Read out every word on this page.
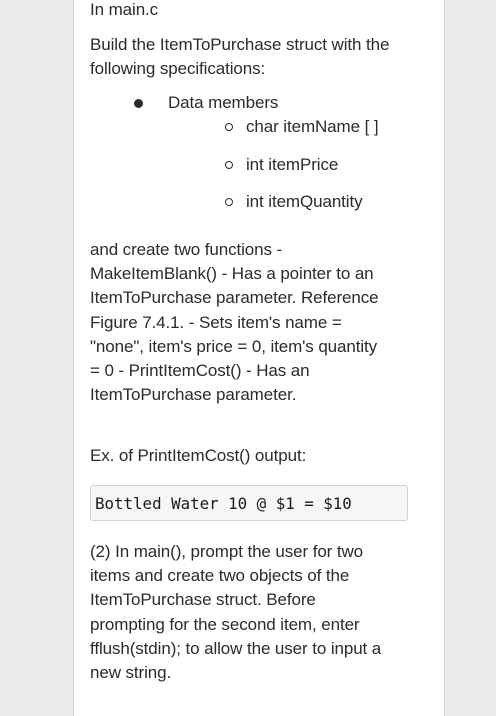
In main.c

Build the ItemToPurchase struct with the
following specifications:
Data members
char itemName [ ]
int itemPrice
int itemQuantity
and create two functions -
MakeItemBlank() - Has a pointer to an
ItemToPurchase parameter. Reference
Figure 7.4.1. - Sets item's name =
"none", item's price = 0, item's quantity
= 0 - PrintItemCost() - Has an
ItemToPurchase parameter.
Ex. of PrintItemCost() output:
Bottled Water 10 @ $1 = $10
(2) In main(), prompt the user for two
items and create two objects of the
ItemToPurchase struct. Before
prompting for the second item, enter
fflush(stdin); to allow the user to input a
new string.
